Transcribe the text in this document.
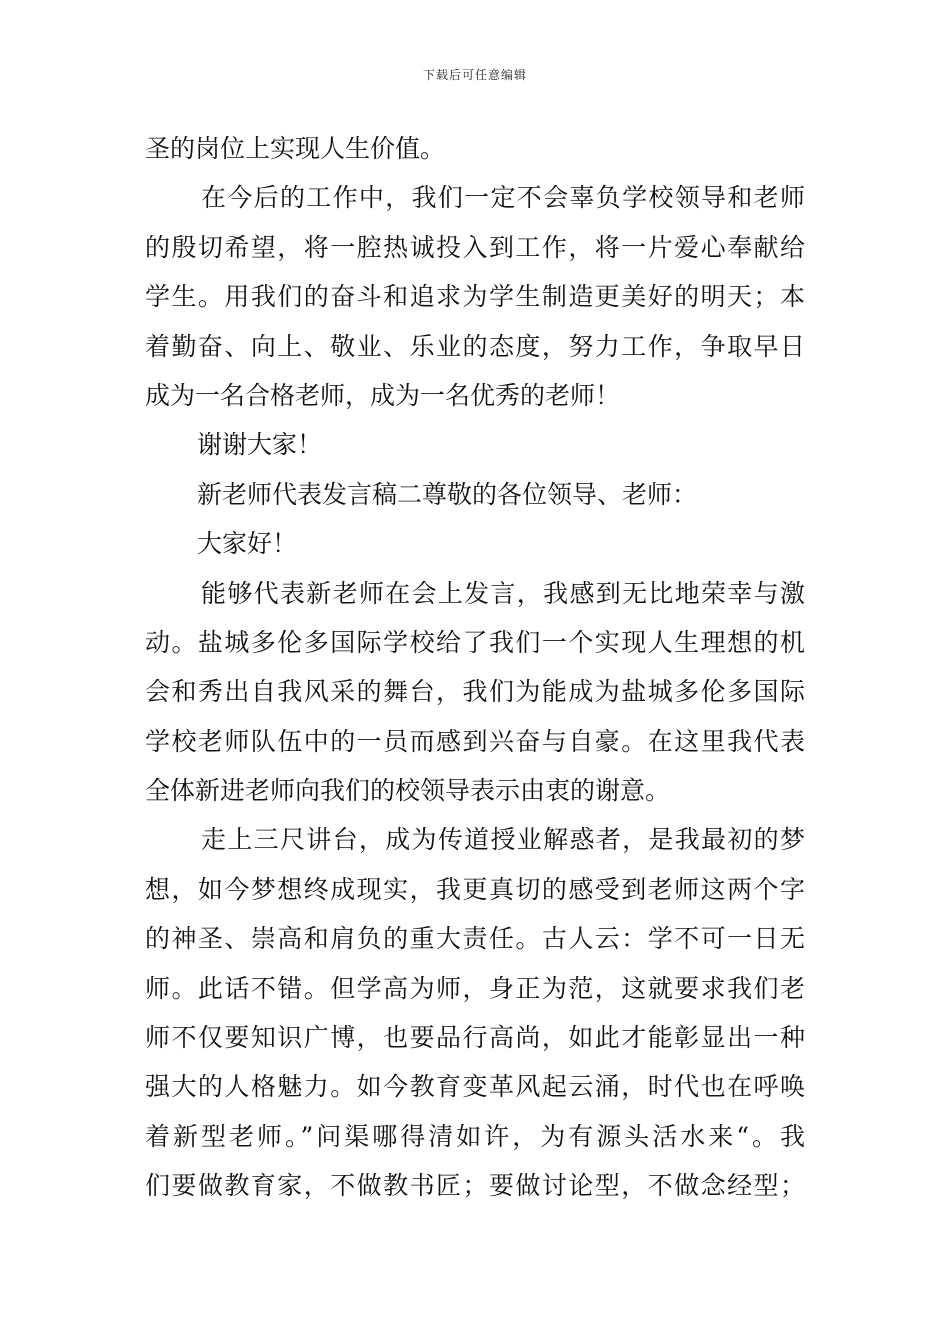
下载后可任意编辑
圣的岗位上实现人生价值。
在今后的工作中，我们一定不会辜负学校领导和老师
的殷切希望，将一腔热诚投入到工作，将一片爱心奉献给
学生。用我们的奋斗和追求为学生制造更美好的明天；本
着勤奋、向上、敬业、乐业的态度，努力工作，争取早日
成为一名合格老师，成为一名优秀的老师！
谢谢大家！
新老师代表发言稿二尊敬的各位领导、老师：
大家好！
能够代表新老师在会上发言，我感到无比地荣幸与激
动。盐城多伦多国际学校给了我们一个实现人生理想的机
会和秀出自我风采的舞台，我们为能成为盐城多伦多国际
学校老师队伍中的一员而感到兴奋与自豪。在这里我代表
全体新进老师向我们的校领导表示由衷的谢意。
走上三尺讲台，成为传道授业解惑者，是我最初的梦
想，如今梦想终成现实，我更真切的感受到老师这两个字
的神圣、崇高和肩负的重大责任。古人云：学不可一日无
师。此话不错。但学高为师，身正为范，这就要求我们老
师不仅要知识广博，也要品行高尚，如此才能彰显出一种
强大的人格魅力。如今教育变革风起云涌，时代也在呼唤
着新型老师。”问渠哪得清如许，为有源头活水来“。我
们要做教育家，不做教书匠；要做讨论型，不做念经型；
